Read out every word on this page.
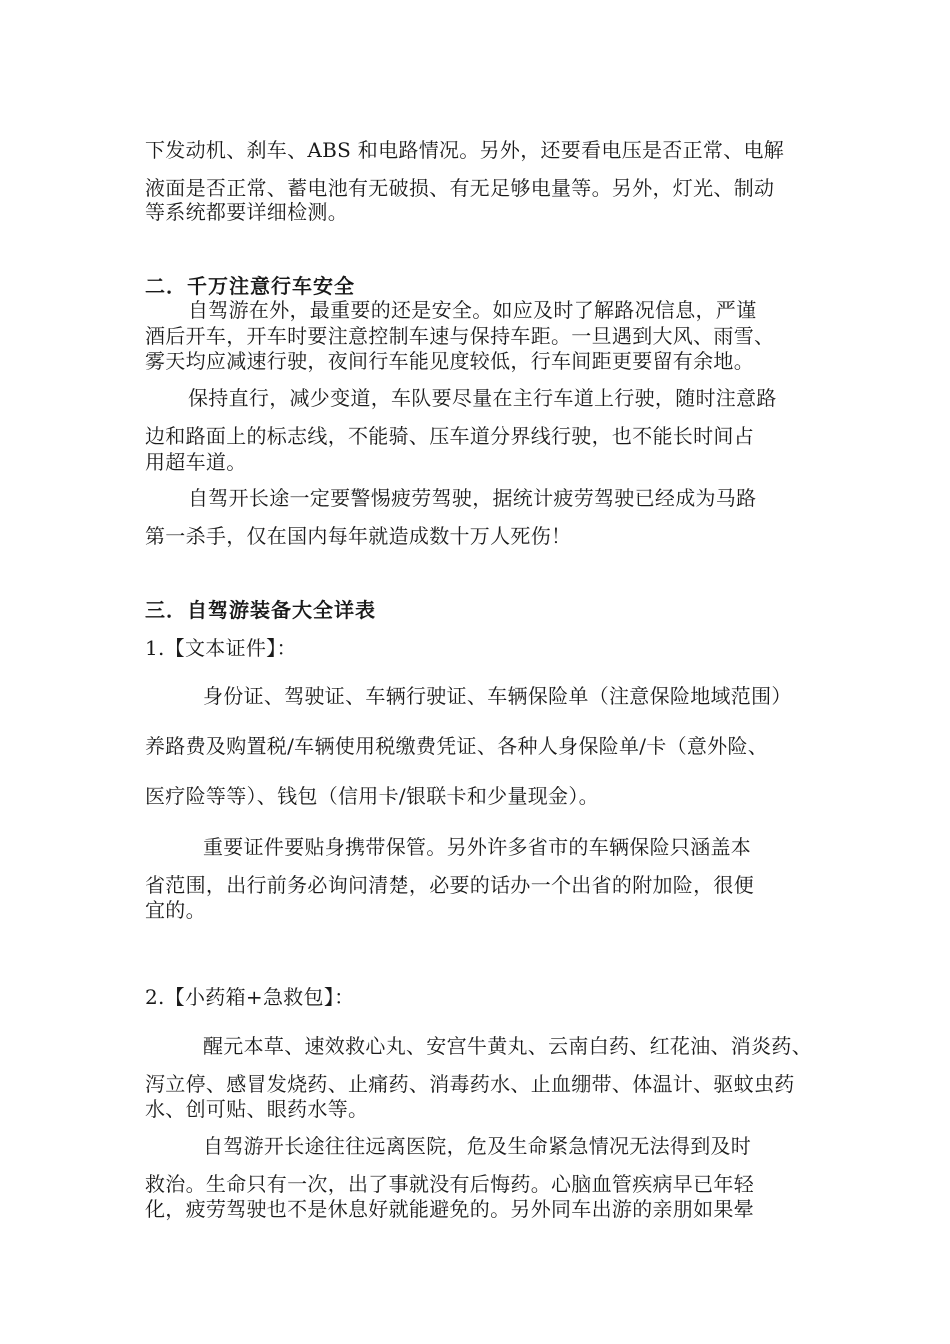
下发动机、刹车、ABS 和电路情况。另外，还要看电压是否正常、电解
液面是否正常、蓄电池有无破损、有无足够电量等。另外，灯光、制动
等系统都要详细检测。
二．千万注意行车安全
自驾游在外，最重要的还是安全。如应及时了解路况信息，严谨
酒后开车，开车时要注意控制车速与保持车距。一旦遇到大风、雨雪、
雾天均应减速行驶，夜间行车能见度较低，行车间距更要留有余地。
保持直行，减少变道，车队要尽量在主行车道上行驶，随时注意路
边和路面上的标志线，不能骑、压车道分界线行驶，也不能长时间占
用超车道。
自驾开长途一定要警惕疲劳驾驶，据统计疲劳驾驶已经成为马路
第一杀手，仅在国内每年就造成数十万人死伤！
三．自驾游装备大全详表
1.【文本证件】：
身份证、驾驶证、车辆行驶证、车辆保险单（注意保险地域范围）
养路费及购置税/车辆使用税缴费凭证、各种人身保险单/卡（意外险、
医疗险等等）、钱包（信用卡/银联卡和少量现金）。
重要证件要贴身携带保管。另外许多省市的车辆保险只涵盖本
省范围，出行前务必询问清楚，必要的话办一个出省的附加险，很便
宜的。
2.【小药箱+急救包】：
醒元本草、速效救心丸、安宫牛黄丸、云南白药、红花油、消炎药、
泻立停、感冒发烧药、止痛药、消毒药水、止血绷带、体温计、驱蚊虫药
水、创可贴、眼药水等。
自驾游开长途往往远离医院，危及生命紧急情况无法得到及时
救治。生命只有一次，出了事就没有后悔药。心脑血管疾病早已年轻
化，疲劳驾驶也不是休息好就能避免的。另外同车出游的亲朋如果晕
